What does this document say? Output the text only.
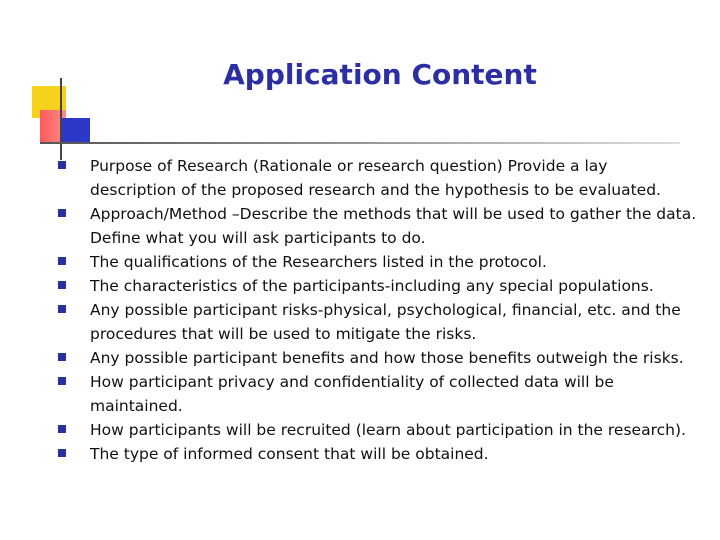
Application Content
Purpose of Research (Rationale or research question) Provide a lay description of the proposed research and the hypothesis to be evaluated.
Approach/Method –Describe the methods that will be used to gather the data. Define what you will ask participants to do.
The qualifications of the Researchers listed in the protocol.
The characteristics of the participants-including any special populations.
Any possible participant risks-physical, psychological, financial, etc. and the procedures that will be used to mitigate the risks.
Any possible participant benefits and how those benefits outweigh the risks.
How participant privacy and confidentiality of collected data will be maintained.
How participants will be recruited (learn about participation in the research).
The type of informed consent that will be obtained.
